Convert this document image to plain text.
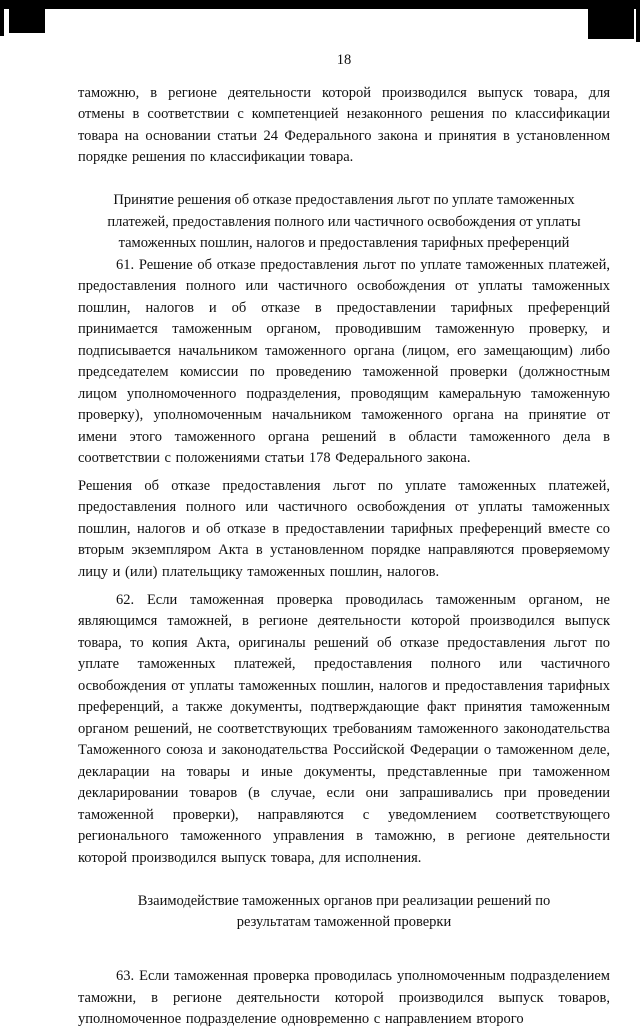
18
таможню, в регионе деятельности которой производился выпуск товара, для отмены в соответствии с компетенцией незаконного решения по классификации товара на основании статьи 24 Федерального закона и принятия в установленном порядке решения по классификации товара.
Принятие решения об отказе предоставления льгот по уплате таможенных платежей, предоставления полного или частичного освобождения от уплаты таможенных пошлин, налогов и предоставления тарифных преференций
61. Решение об отказе предоставления льгот по уплате таможенных платежей, предоставления полного или частичного освобождения от уплаты таможенных пошлин, налогов и об отказе в предоставлении тарифных преференций принимается таможенным органом, проводившим таможенную проверку, и подписывается начальником таможенного органа (лицом, его замещающим) либо председателем комиссии по проведению таможенной проверки (должностным лицом уполномоченного подразделения, проводящим камеральную таможенную проверку), уполномоченным начальником таможенного органа на принятие от имени этого таможенного органа решений в области таможенного дела в соответствии с положениями статьи 178 Федерального закона.
Решения об отказе предоставления льгот по уплате таможенных платежей, предоставления полного или частичного освобождения от уплаты таможенных пошлин, налогов и об отказе в предоставлении тарифных преференций вместе со вторым экземпляром Акта в установленном порядке направляются проверяемому лицу и (или) плательщику таможенных пошлин, налогов.
62. Если таможенная проверка проводилась таможенным органом, не являющимся таможней, в регионе деятельности которой производился выпуск товара, то копия Акта, оригиналы решений об отказе предоставления льгот по уплате таможенных платежей, предоставления полного или частичного освобождения от уплаты таможенных пошлин, налогов и предоставления тарифных преференций, а также документы, подтверждающие факт принятия таможенным органом решений, не соответствующих требованиям таможенного законодательства Таможенного союза и законодательства Российской Федерации о таможенном деле, декларации на товары и иные документы, представленные при таможенном декларировании товаров (в случае, если они запрашивались при проведении таможенной проверки), направляются с уведомлением соответствующего регионального таможенного управления в таможню, в регионе деятельности которой производился выпуск товара, для исполнения.
Взаимодействие таможенных органов при реализации решений по результатам таможенной проверки
63. Если таможенная проверка проводилась уполномоченным подразделением таможни, в регионе деятельности которой производился выпуск товаров, уполномоченное подразделение одновременно с направлением второго
